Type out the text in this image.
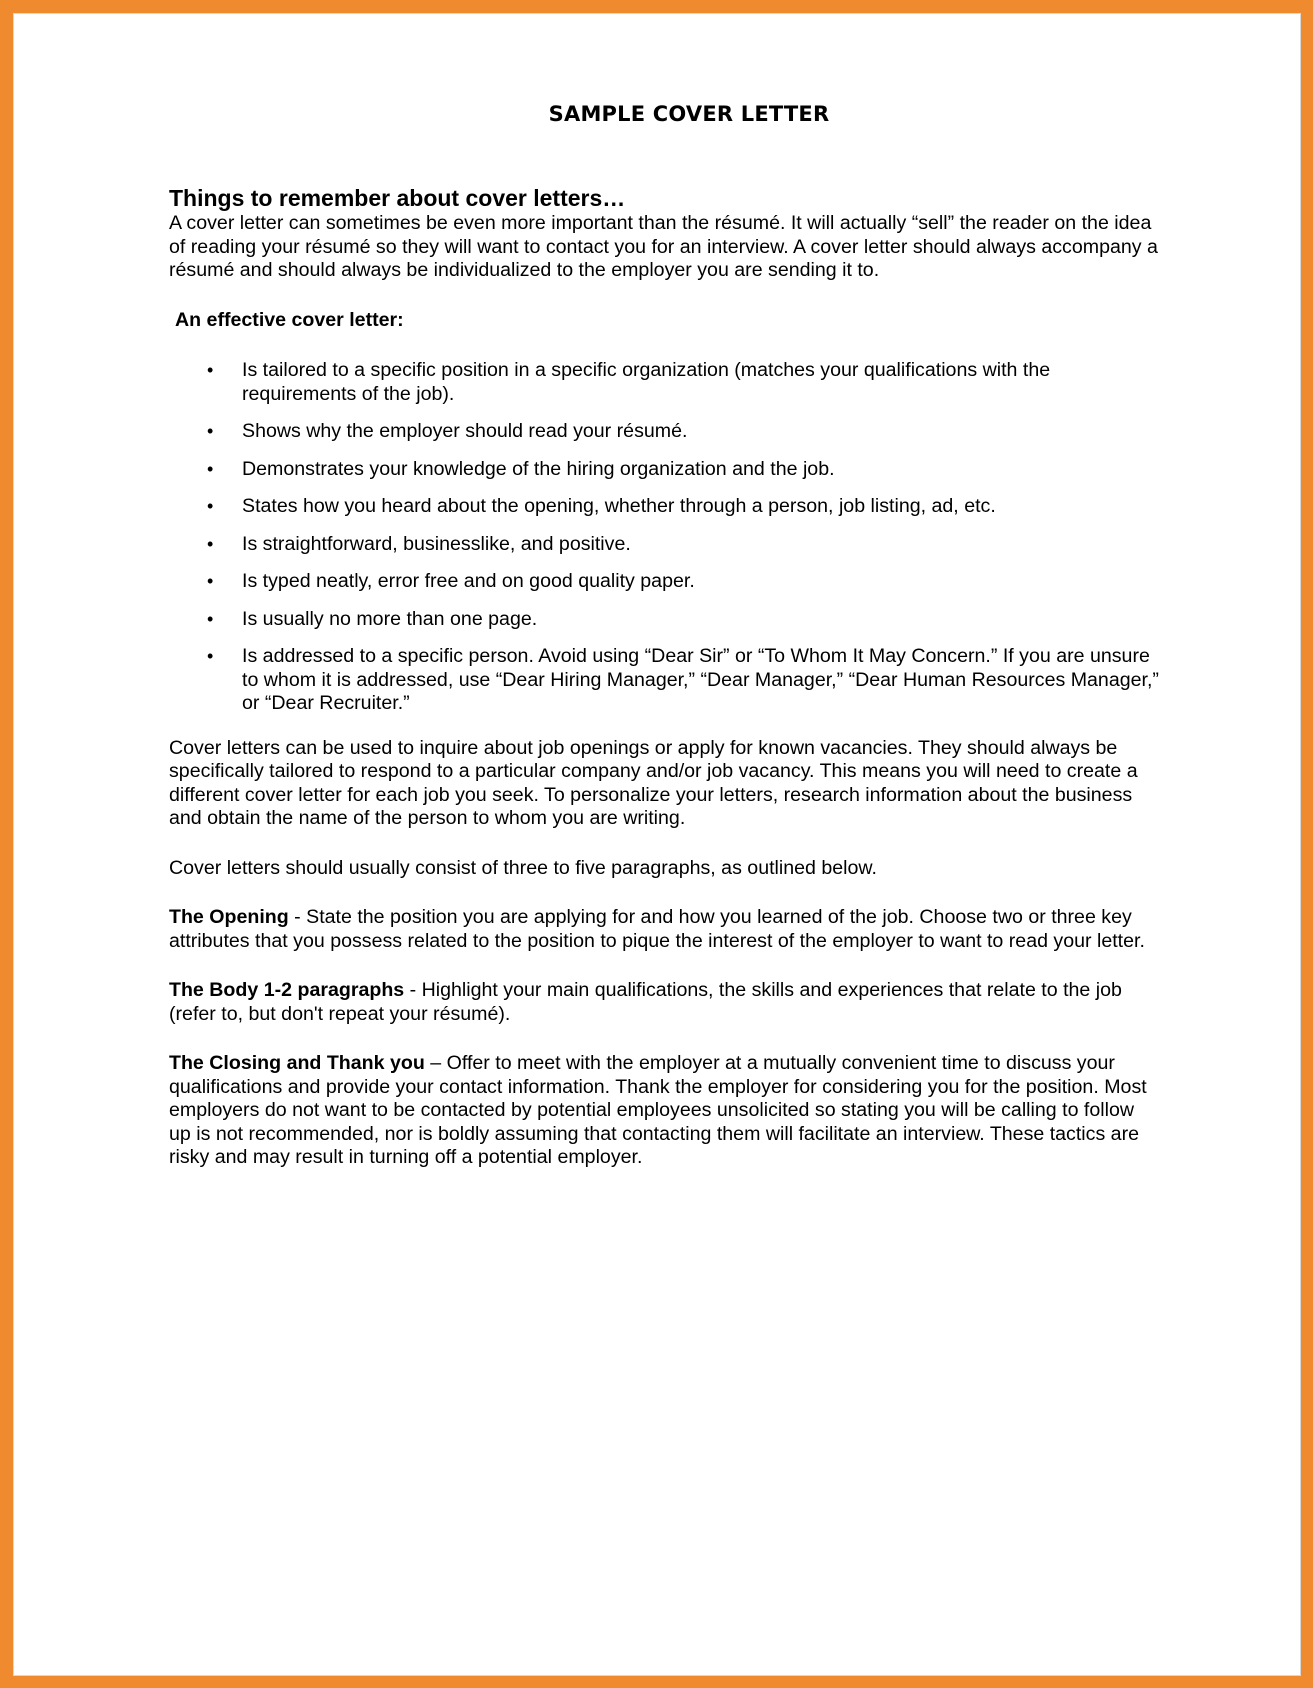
SAMPLE COVER LETTER
Things to remember about cover letters…

A cover letter can sometimes be even more important than the résumé. It will actually “sell” the reader on the idea of reading your résumé so they will want to contact you for an interview. A cover letter should always accompany a résumé and should always be individualized to the employer you are sending it to.

An effective cover letter:
• Is tailored to a specific position in a specific organization (matches your qualifications with the requirements of the job).
• Shows why the employer should read your résumé.
• Demonstrates your knowledge of the hiring organization and the job.
• States how you heard about the opening, whether through a person, job listing, ad, etc.
• Is straightforward, businesslike, and positive.
• Is typed neatly, error free and on good quality paper.
• Is usually no more than one page.
• Is addressed to a specific person. Avoid using “Dear Sir” or “To Whom It May Concern.” If you are unsure to whom it is addressed, use “Dear Hiring Manager,” “Dear Manager,” “Dear Human Resources Manager,” or “Dear Recruiter.”

Cover letters can be used to inquire about job openings or apply for known vacancies. They should always be specifically tailored to respond to a particular company and/or job vacancy. This means you will need to create a different cover letter for each job you seek. To personalize your letters, research information about the business and obtain the name of the person to whom you are writing.

Cover letters should usually consist of three to five paragraphs, as outlined below.

The Opening - State the position you are applying for and how you learned of the job. Choose two or three key attributes that you possess related to the position to pique the interest of the employer to want to read your letter.

The Body 1-2 paragraphs - Highlight your main qualifications, the skills and experiences that relate to the job (refer to, but don't repeat your résumé).

The Closing and Thank you – Offer to meet with the employer at a mutually convenient time to discuss your qualifications and provide your contact information. Thank the employer for considering you for the position. Most employers do not want to be contacted by potential employees unsolicited so stating you will be calling to follow up is not recommended, nor is boldly assuming that contacting them will facilitate an interview. These tactics are risky and may result in turning off a potential employer.
